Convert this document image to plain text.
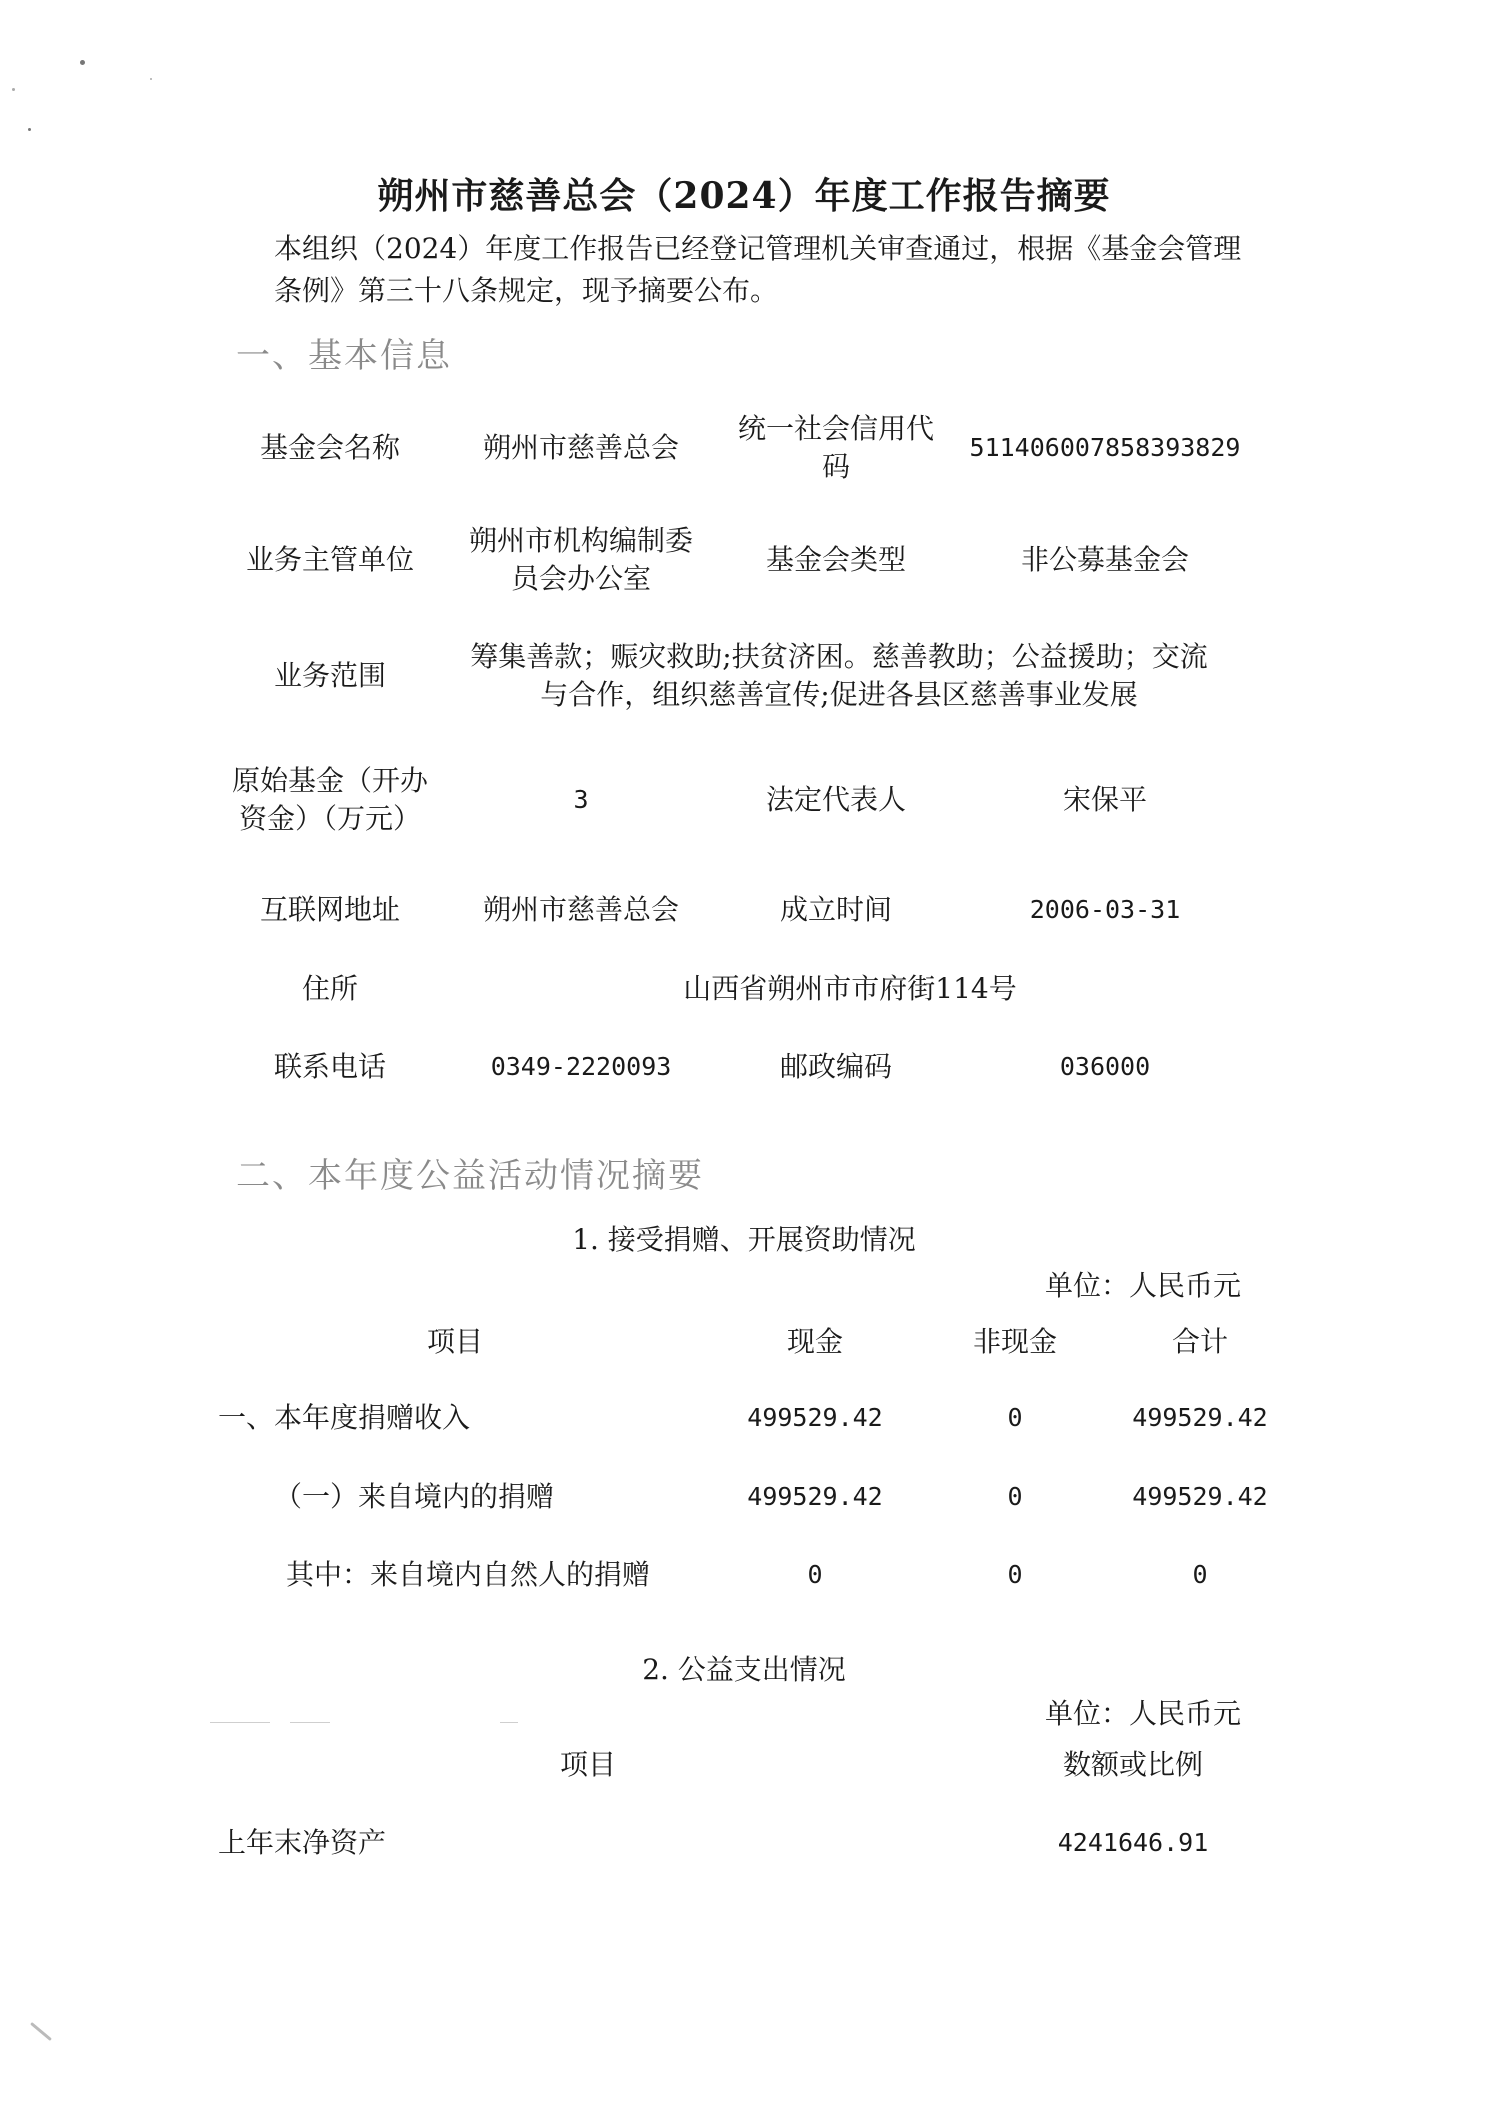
朔州市慈善总会（2024）年度工作报告摘要
本组织（2024）年度工作报告已经登记管理机关审查通过，根据《基金会管理条例》第三十八条规定，现予摘要公布。
一、基本信息
基金会名称	朔州市慈善总会	统一社会信用代码	51140600785839382​9
业务主管单位	朔州市机构编制委员会办公室	基金会类型	非公募基金会
业务范围	筹集善款；赈灾救助;扶贫济困。慈善教助；公益援助；交流与合作，组织慈善宣传;促进各县区慈善事业发展		
原始基金（开办资金）（万元）	3	法定代表人	宋保平
互联网地址	朔州市慈善总会	成立时间	2006-03-31
住所	山西省朔州市市府街114号		
联系电话	0349-2220093	邮政编码	036000
二、本年度公益活动情况摘要
1. 接受捐赠、开展资助情况
单位：人民币元
项目	现金	非现金	合计
一、本年度捐赠收入	499529.42	0	499529.42
（一）来自境内的捐赠	499529.42	0	499529.42
其中：来自境内自然人的捐赠	0	0	0
2. 公益支出情况
单位：人民币元
项目	数额或比例
上年末净资产	4241646.91
